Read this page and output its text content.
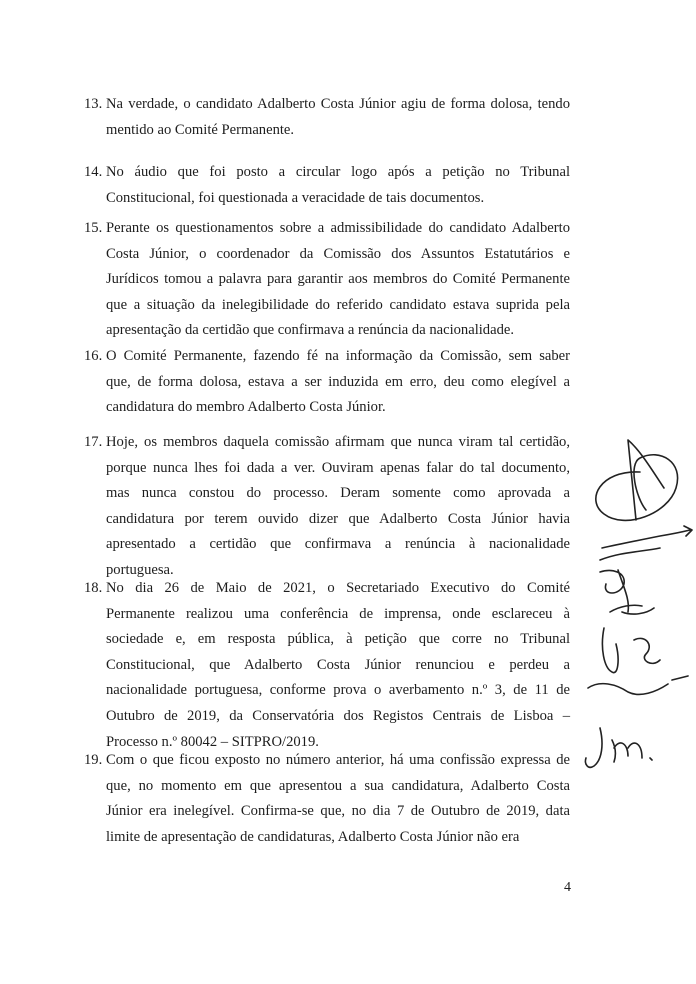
13. Na verdade, o candidato Adalberto Costa Júnior agiu de forma dolosa, tendo
mentido ao Comité Permanente.
14. No áudio que foi posto a circular logo após a petição no Tribunal
Constitucional, foi questionada a veracidade de tais documentos.
15. Perante os questionamentos sobre a admissibilidade do candidato Adalberto
Costa Júnior, o coordenador da Comissão dos Assuntos Estatutários e
Jurídicos tomou a palavra para garantir aos membros do Comité Permanente
que a situação da inelegibilidade do referido candidato estava suprida pela
apresentação da certidão que confirmava a renúncia da nacionalidade.
16. O Comité Permanente, fazendo fé na informação da Comissão, sem saber
que, de forma dolosa, estava a ser induzida em erro, deu como elegível a
candidatura do membro Adalberto Costa Júnior.
17. Hoje, os membros daquela comissão afirmam que nunca viram tal certidão,
porque nunca lhes foi dada a ver. Ouviram apenas falar do tal documento,
mas nunca constou do processo. Deram somente como aprovada a
candidatura por terem ouvido dizer que Adalberto Costa Júnior havia
apresentado a certidão que confirmava a renúncia à nacionalidade
portuguesa.
18. No dia 26 de Maio de 2021, o Secretariado Executivo do Comité
Permanente realizou uma conferência de imprensa, onde esclareceu à
sociedade e, em resposta pública, à petição que corre no Tribunal
Constitucional, que Adalberto Costa Júnior renunciou e perdeu a
nacionalidade portuguesa, conforme prova o averbamento n.º 3, de 11 de
Outubro de 2019, da Conservatória dos Registos Centrais de Lisboa –
Processo n.º 80042 – SITPRO/2019.
19. Com o que ficou exposto no número anterior, há uma confissão expressa de
que, no momento em que apresentou a sua candidatura, Adalberto Costa
Júnior era inelegível. Confirma-se que, no dia 7 de Outubro de 2019, data
limite de apresentação de candidaturas, Adalberto Costa Júnior não era
4
